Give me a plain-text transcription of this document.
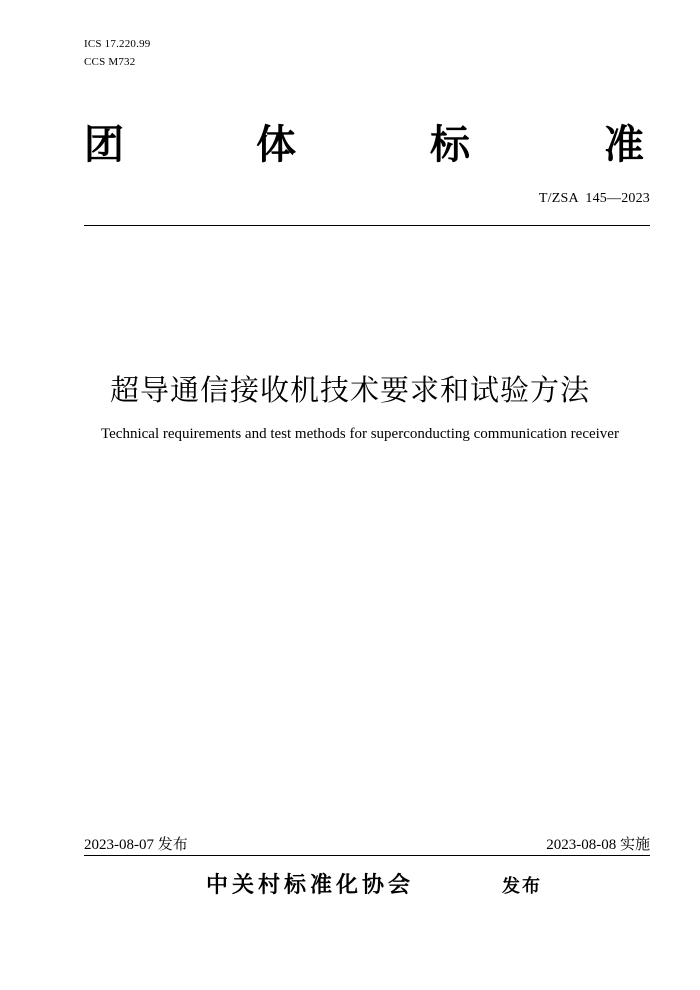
ICS 17.220.99
CCS M732
团	体	标	准
T/ZSA  145—2023
超导通信接收机技术要求和试验方法
Technical requirements and test methods for superconducting communication receiver
2023-08-07 发布	2023-08-08 实施
中关村标准化协会	发布
